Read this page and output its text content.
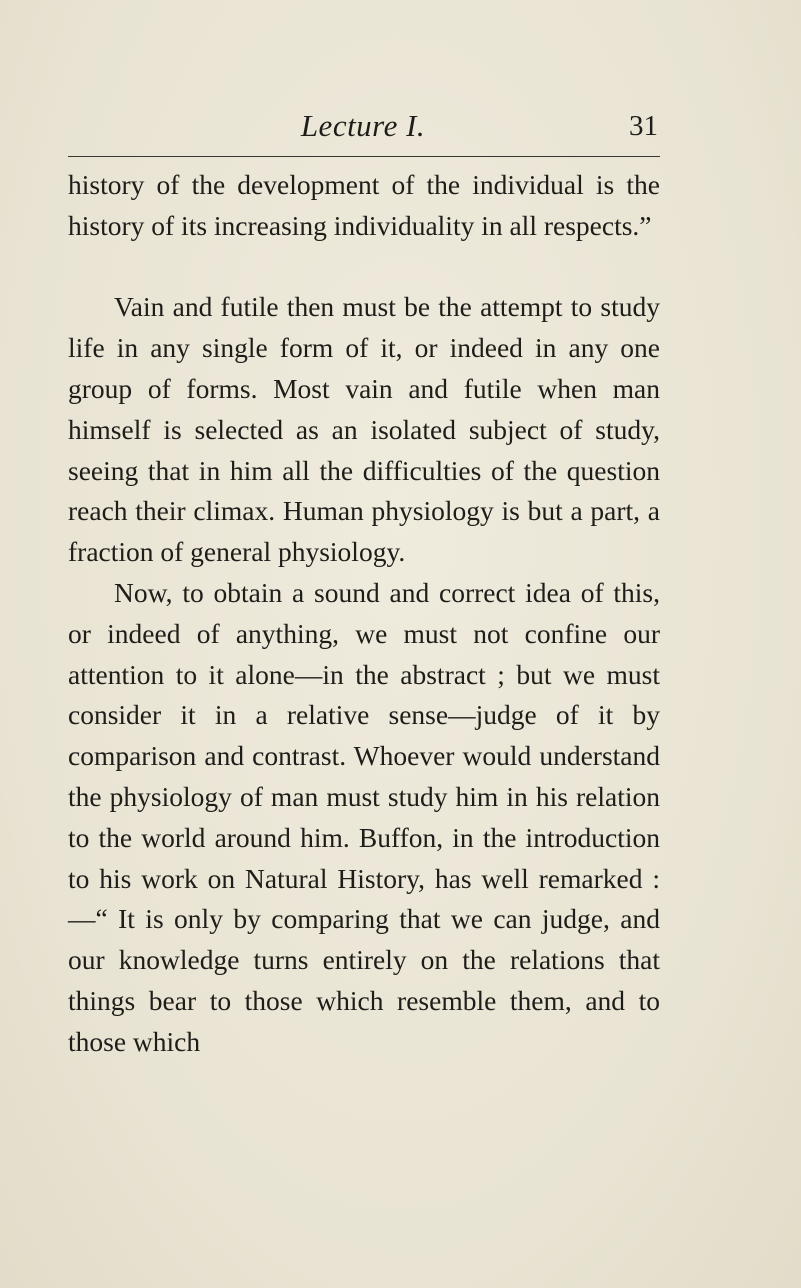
Lecture I.	31

history of the development of the individual is the history of its increasing individuality in all respects.”

Vain and futile then must be the attempt to study life in any single form of it, or indeed in any one group of forms. Most vain and futile when man himself is selected as an isolated subject of study, seeing that in him all the difficulties of the question reach their climax. Human physiology is but a part, a fraction of general physiology.

Now, to obtain a sound and correct idea of this, or indeed of anything, we must not confine our attention to it alone—in the abstract ; but we must consider it in a relative sense—judge of it by comparison and contrast. Whoever would understand the physiology of man must study him in his relation to the world around him. Buffon, in the introduction to his work on Natural History, has well remarked :—“ It is only by comparing that we can judge, and our knowledge turns entirely on the relations that things bear to those which resemble them, and to those which
